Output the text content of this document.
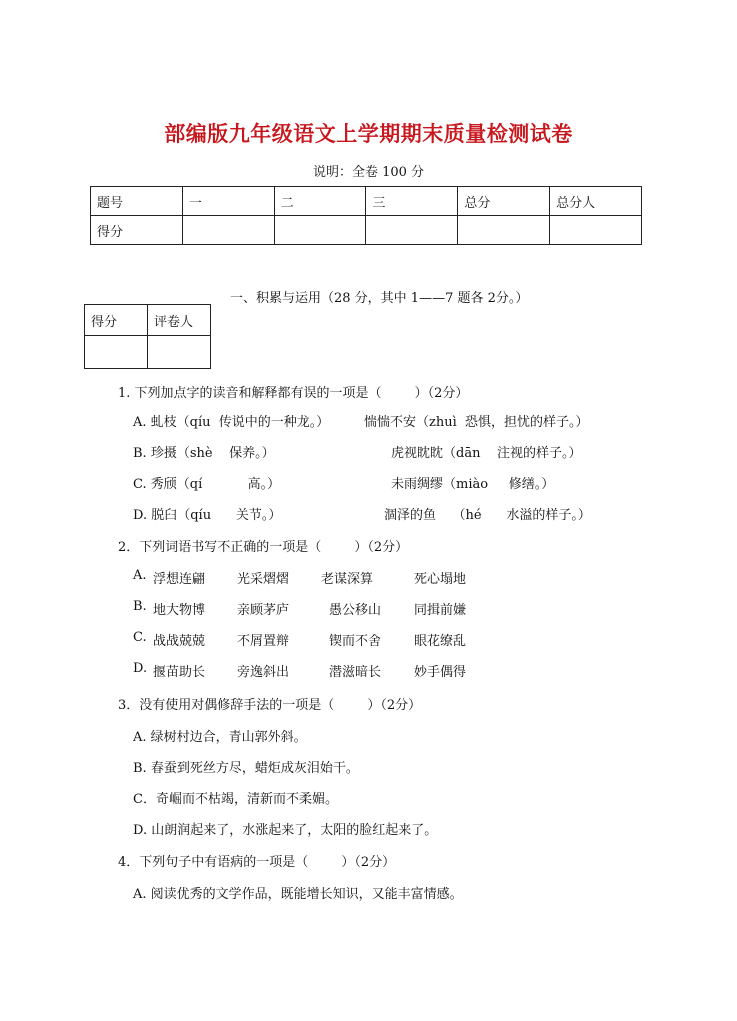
部编版九年级语文上学期期末质量检测试卷
说明：全卷 100 分
题号	一	二	三	总分	总分人
得分					
一、积累与运用（28 分，其中 1——7 题各 2分。）
得分	评卷人

1. 下列加点字的读音和解释都有误的一项是（        ）（2分）
A. 虬枝（qíu  传说中的一种龙。）	惴惴不安（zhuì  恐惧，担忧的样子。）
B. 珍摄（shè    保养。）	虎视眈眈（dān    注视的样子。）
C. 秀颀（qí           高。）	未雨绸缪（miào     修缮。）
D. 脱臼（qíu      关节。）	涸泽的鱼    （hé      水溢的样子。）
2．下列词语书写不正确的一项是（        ）（2分）
A. 浮想连翩 光采熠熠 老谋深算	死心塌地
B. 地大物博 亲顾茅庐	愚公移山	同揖前嫌
C. 战战兢兢 不屑置辩	锲而不舍	眼花缭乱
D. 揠苗助长 旁逸斜出	潜滋暗长	妙手偶得
3．没有使用对偶修辞手法的一项是（        ）（2分）
A. 绿树村边合，青山郭外斜。
B. 春蚕到死丝方尽，蜡炬成灰泪始干。
C．奇崛而不枯竭，清新而不柔媚。
D. 山朗润起来了，水涨起来了，太阳的脸红起来了。
4．下列句子中有语病的一项是（        ）（2分）
A. 阅读优秀的文学作品，既能增长知识，又能丰富情感。
